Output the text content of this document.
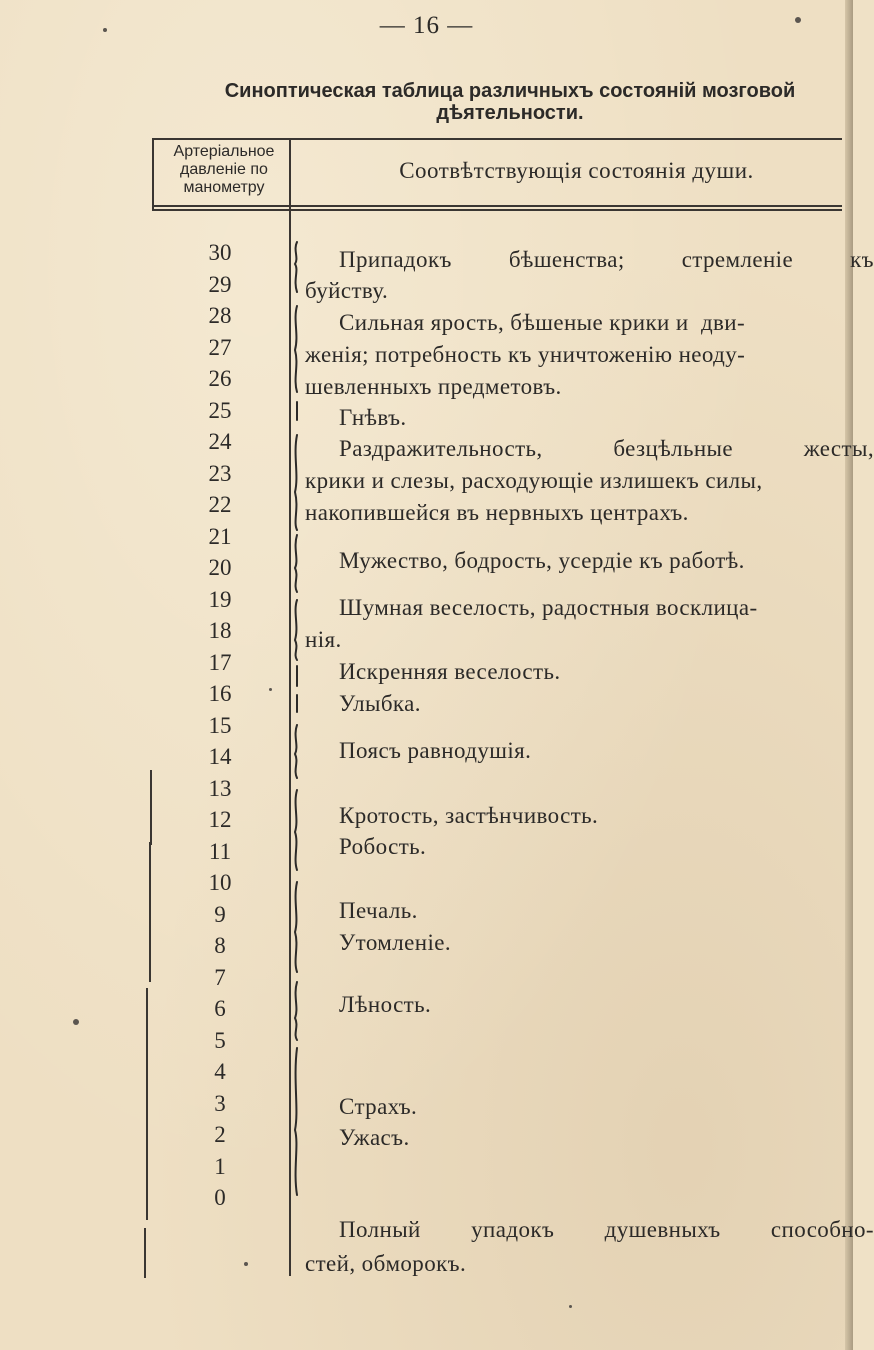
— 16 —
Синоптическая таблица различныхъ состоянiй мозговой
дѣятельности.
Артерiальное
давленiе по
манометру
Соотвѣтствующiя состоянiя души.
30
29
28
27
26
25
24
23
22
21
20
19
18
17
16
15
14
13
12
11
10
9
8
7
6
5
4
3
2
1
0
Припадокъ бѣшенства; стремленiе къ
буйству.
Сильная ярость, бѣшеные крики и дви-
женiя; потребность къ уничтоженiю неоду-
шевленныхъ предметовъ.
Гнѣвъ.
Раздражительность,	безцѣльные	жесты,
крики и слезы, расходующiе излишекъ силы,
накопившейся въ нервныхъ центрахъ.
Мужество, бодрость, усердiе къ работѣ.
Шумная веселость, радостныя восклица-
нiя.
Искренняя веселость.
Улыбка.
Поясъ равнодушiя.
Кротость, застѣнчивость.
Робость.
Печаль.
Утомленiе.
Лѣность.
Страхъ.
Ужасъ.
Полный упадокъ душевныхъ способно-
стей, обморокъ.
